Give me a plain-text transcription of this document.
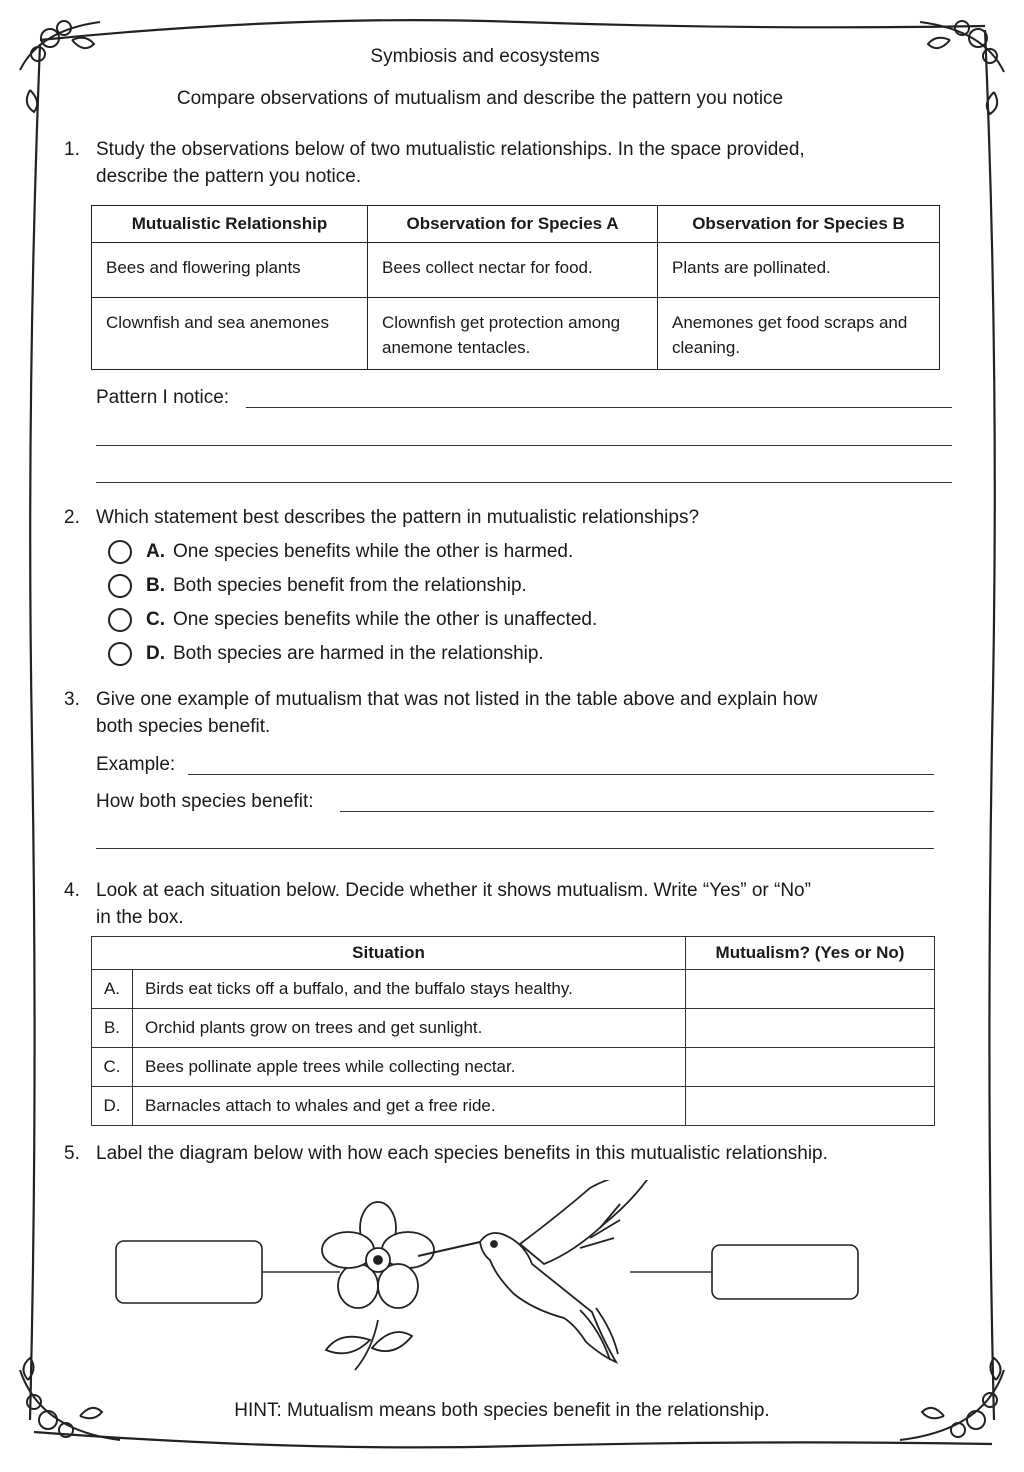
Symbiosis and ecosystems
Compare observations of mutualism and describe the pattern you notice
1. Study the observations below of two mutualistic relationships. In the space provided,
describe the pattern you notice.
Mutualistic Relationship	Observation for Species A	Observation for Species B
Bees and flowering plants	Bees collect nectar for food.	Plants are pollinated.
Clownfish and sea anemones	Clownfish get protection among anemone tentacles.	Anemones get food scraps and cleaning.
Pattern I notice:
2. Which statement best describes the pattern in mutualistic relationships?
A. One species benefits while the other is harmed.
B. Both species benefit from the relationship.
C. One species benefits while the other is unaffected.
D. Both species are harmed in the relationship.
3. Give one example of mutualism that was not listed in the table above and explain how
both species benefit.
Example:
How both species benefit:
4. Look at each situation below. Decide whether it shows mutualism. Write “Yes” or “No”
in the box.
Situation		Mutualism? (Yes or No)
A.	Birds eat ticks off a buffalo, and the buffalo stays healthy.	
B.	Orchid plants grow on trees and get sunlight.	
C.	Bees pollinate apple trees while collecting nectar.	
D.	Barnacles attach to whales and get a free ride.	
5. Label the diagram below with how each species benefits in this mutualistic relationship.
HINT: Mutualism means both species benefit in the relationship.
